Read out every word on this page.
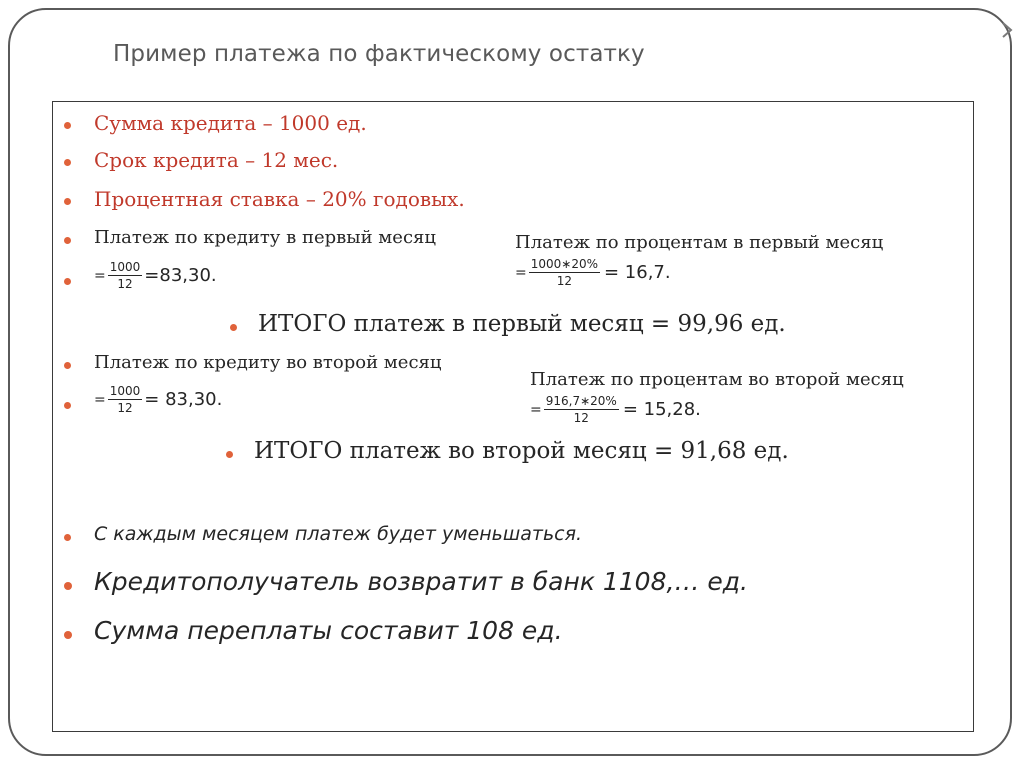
Пример платежа по фактическому остатку

Сумма кредита – 1000 ед.

Срок кредита – 12 мес.

Процентная ставка – 20% годовых.

Платеж по кредиту в первый месяц

= $\frac{1000}{12} =83,30$.

Платеж по процентам в первый месяц

= $\frac{1000∗20\%}{12} = 16,7$.

ИТОГО платеж в первый месяц = 99,96 ед.

Платеж по кредиту во второй месяц

= $\frac{1000}{12} = 83,30$.

Платеж по процентам во второй месяц

= $\frac{916,7∗20\%}{12} = 15,28$.

ИТОГО платеж во второй месяц = 91,68 ед.

С каждым месяцем платеж будет уменьшаться.

Кредитополучатель возвратит в банк 1108,… ед.

Сумма переплаты составит 108 ед.
